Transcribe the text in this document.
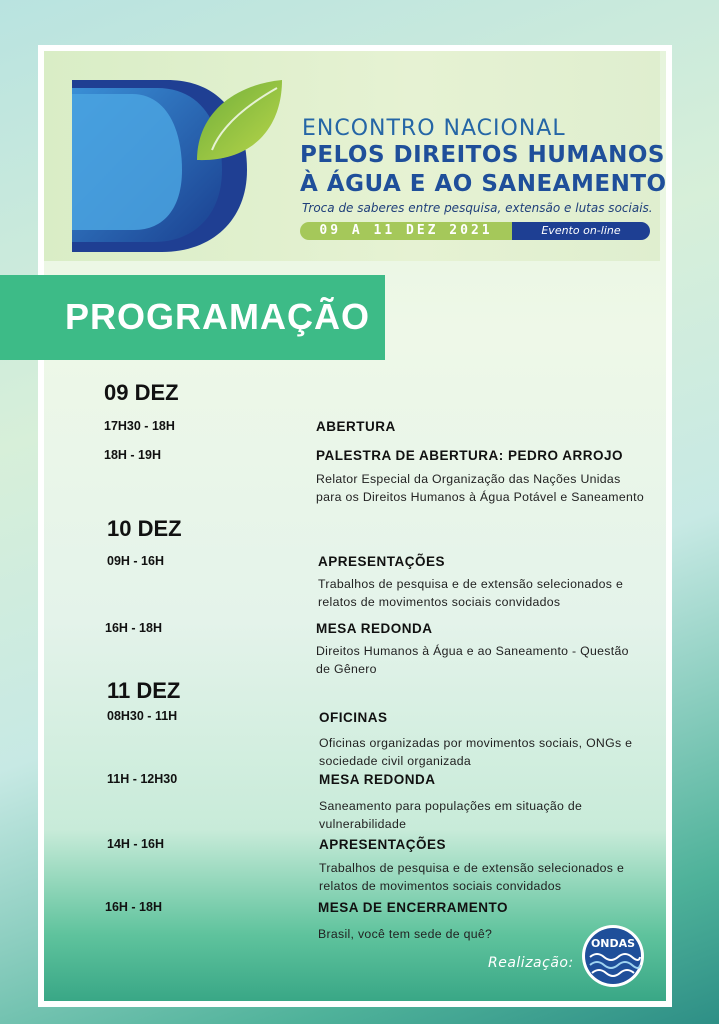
ENCONTRO NACIONAL
PELOS DIREITOS HUMANOS
À ÁGUA E AO SANEAMENTO
Troca de saberes entre pesquisa, extensão e lutas sociais.
09 A 11 DEZ 2021	Evento on-line
PROGRAMAÇÃO
09 DEZ
17H30 - 18H	ABERTURA
18H - 19H	PALESTRA DE ABERTURA: PEDRO ARROJO
Relator Especial da Organização das Nações Unidas para os Direitos Humanos à Água Potável e Saneamento
10 DEZ
09H - 16H	APRESENTAÇÕES
Trabalhos de pesquisa e de extensão selecionados e relatos de movimentos sociais convidados
16H - 18H	MESA REDONDA
Direitos Humanos à Água e ao Saneamento - Questão de Gênero
11 DEZ
08H30 - 11H	OFICINAS
Oficinas organizadas por movimentos sociais, ONGs e sociedade civil organizada
11H - 12H30	MESA REDONDA
Saneamento para populações em situação de vulnerabilidade
14H - 16H	APRESENTAÇÕES
Trabalhos de pesquisa e de extensão selecionados e relatos de movimentos sociais convidados
16H - 18H	MESA DE ENCERRAMENTO
Brasil, você tem sede de quê?
Realização:
ONDAS
